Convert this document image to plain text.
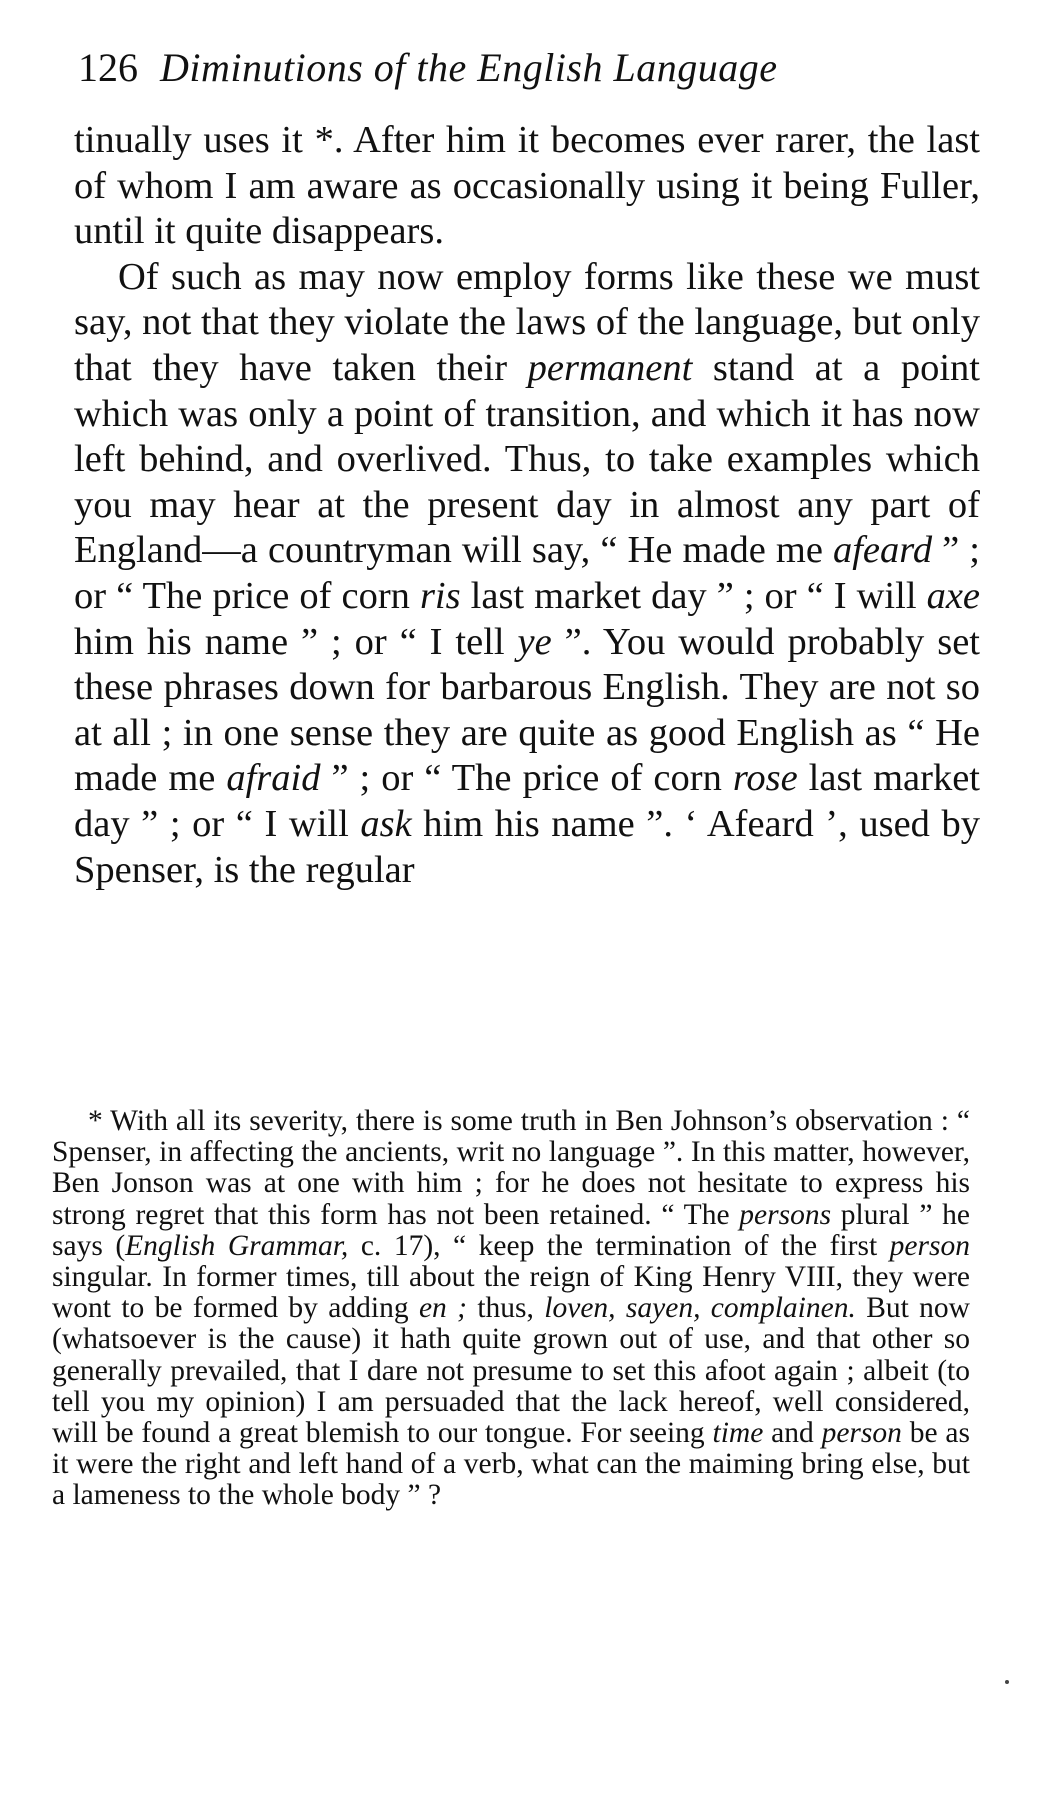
126 Diminutions of the English Language

tinually uses it *. After him it becomes ever rarer, the last of whom I am aware as occasionally using it being Fuller, until it quite disappears.

Of such as may now employ forms like these we must say, not that they violate the laws of the language, but only that they have taken their permanent stand at a point which was only a point of transition, and which it has now left behind, and overlived. Thus, to take examples which you may hear at the present day in almost any part of England—a countryman will say, “ He made me afeard ” ; or “ The price of corn ris last market day ” ; or “ I will axe him his name ” ; or “ I tell ye ”. You would probably set these phrases down for barbarous English. They are not so at all ; in one sense they are quite as good English as “ He made me afraid ” ; or “ The price of corn rose last market day ” ; or “ I will ask him his name ”. ‘ Afeard ’, used by Spenser, is the regular

* With all its severity, there is some truth in Ben Johnson’s observation : “ Spenser, in affecting the ancients, writ no language ”. In this matter, however, Ben Jonson was at one with him ; for he does not hesitate to express his strong regret that this form has not been retained. “ The persons plural ” he says (English Grammar, c. 17), “ keep the termination of the first person singular. In former times, till about the reign of King Henry VIII, they were wont to be formed by adding en ; thus, loven, sayen, complainen. But now (whatsoever is the cause) it hath quite grown out of use, and that other so generally prevailed, that I dare not presume to set this afoot again ; albeit (to tell you my opinion) I am persuaded that the lack hereof, well considered, will be found a great blemish to our tongue. For seeing time and person be as it were the right and left hand of a verb, what can the maiming bring else, but a lameness to the whole body ” ?
